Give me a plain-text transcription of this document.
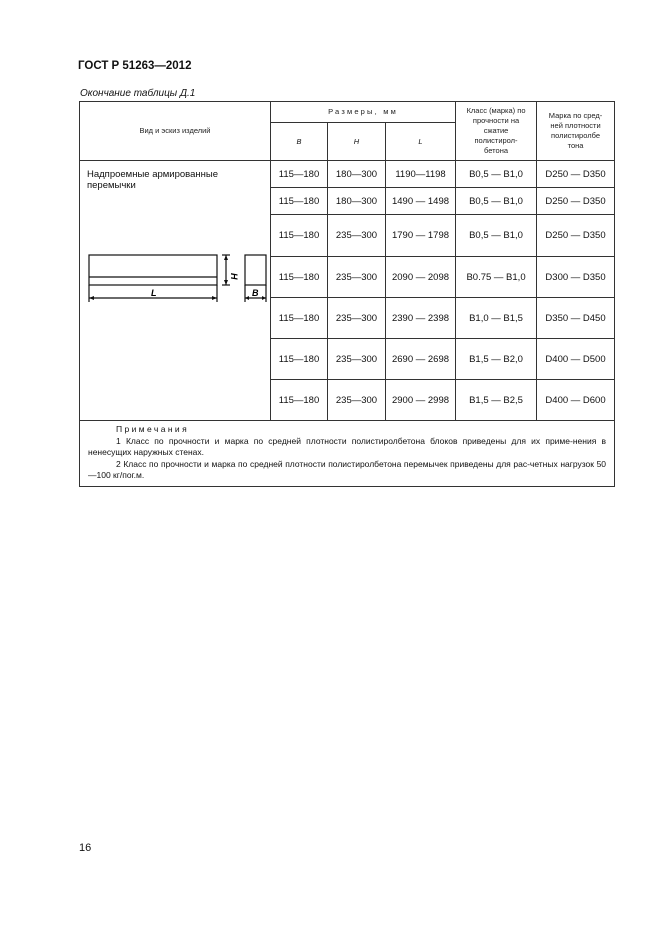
ГОСТ Р 51263—2012
Окончание таблицы Д.1
Вид и эскиз изделий	Размеры, мм			Класс (марка) по прочности на сжатие полистирол-бетона	Марка по сред-ней плотности полистиролбе тона
	B	H	L		

Надпроемные армированные перемычки
L
H
B	115—180	180—300	1190—1198	B0,5 — B1,0	D250 — D350
	115—180	180—300	1490 — 1498	B0,5 — B1,0	D250 — D350
	115—180	235—300	1790 — 1798	B0,5 — B1,0	D250 — D350
	115—180	235—300	2090 — 2098	B0.75 — B1,0	D300 — D350
	115—180	235—300	2390 — 2398	B1,0 — B1,5	D350 — D450
	115—180	235—300	2690 — 2698	B1,5 — B2,0	D400 — D500
	115—180	235—300	2900 — 2998	B1,5 — B2,5	D400 — D600

Примечания
1 Класс по прочности и марка по средней плотности полистиролбетона блоков приведены для их приме-нения в ненесущих наружных стенах.
2 Класс по прочности и марка по средней плотности полистиролбетона перемычек приведены для рас-четных нагрузок 50—100 кг/пог.м.					
16
